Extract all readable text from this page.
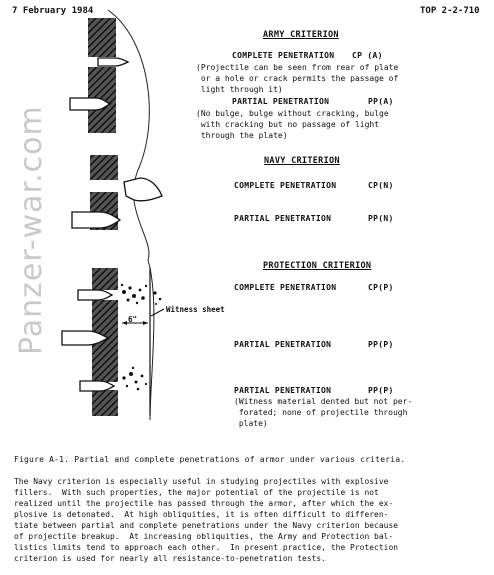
7 February 1984	TOP 2-2-710
Panzer-war.com
ARMY CRITERION
COMPLETE PENETRATION CP (A)
(Projectile can be seen from rear of plate
or a hole or crack permits the passage of
light through it)
PARTIAL PENETRATION	PP(A)
(No bulge, bulge without cracking, bulge
with cracking but no passage of light
through the plate)
NAVY CRITERION
COMPLETE PENETRATION	CP(N)
PARTIAL PENETRATION	PP(N)
PROTECTION CRITERION
COMPLETE PENETRATION	CP(P)
Witness sheet
6"
PARTIAL PENETRATION	PP(P)
PARTIAL PENETRATION	PP(P)
(Witness material dented but not per-
forated; none of projectile through
plate)
Figure A-1. Partial and complete penetrations of armor under various criteria.
The Navy criterion is especially useful in studying projectiles with explosive
fillers.  With such properties, the major potential of the projectile is not
realized until the projectile has passed through the armor, after which the ex-
plosive is detonated.  At high obliquities, it is often difficult to differen-
tiate between partial and complete penetrations under the Navy criterion because
of projectile breakup.  At increasing obliquities, the Army and Protection bal-
listics limits tend to approach each other.  In present practice, the Protection
criterion is used for nearly all resistance-to-penetration tests.
